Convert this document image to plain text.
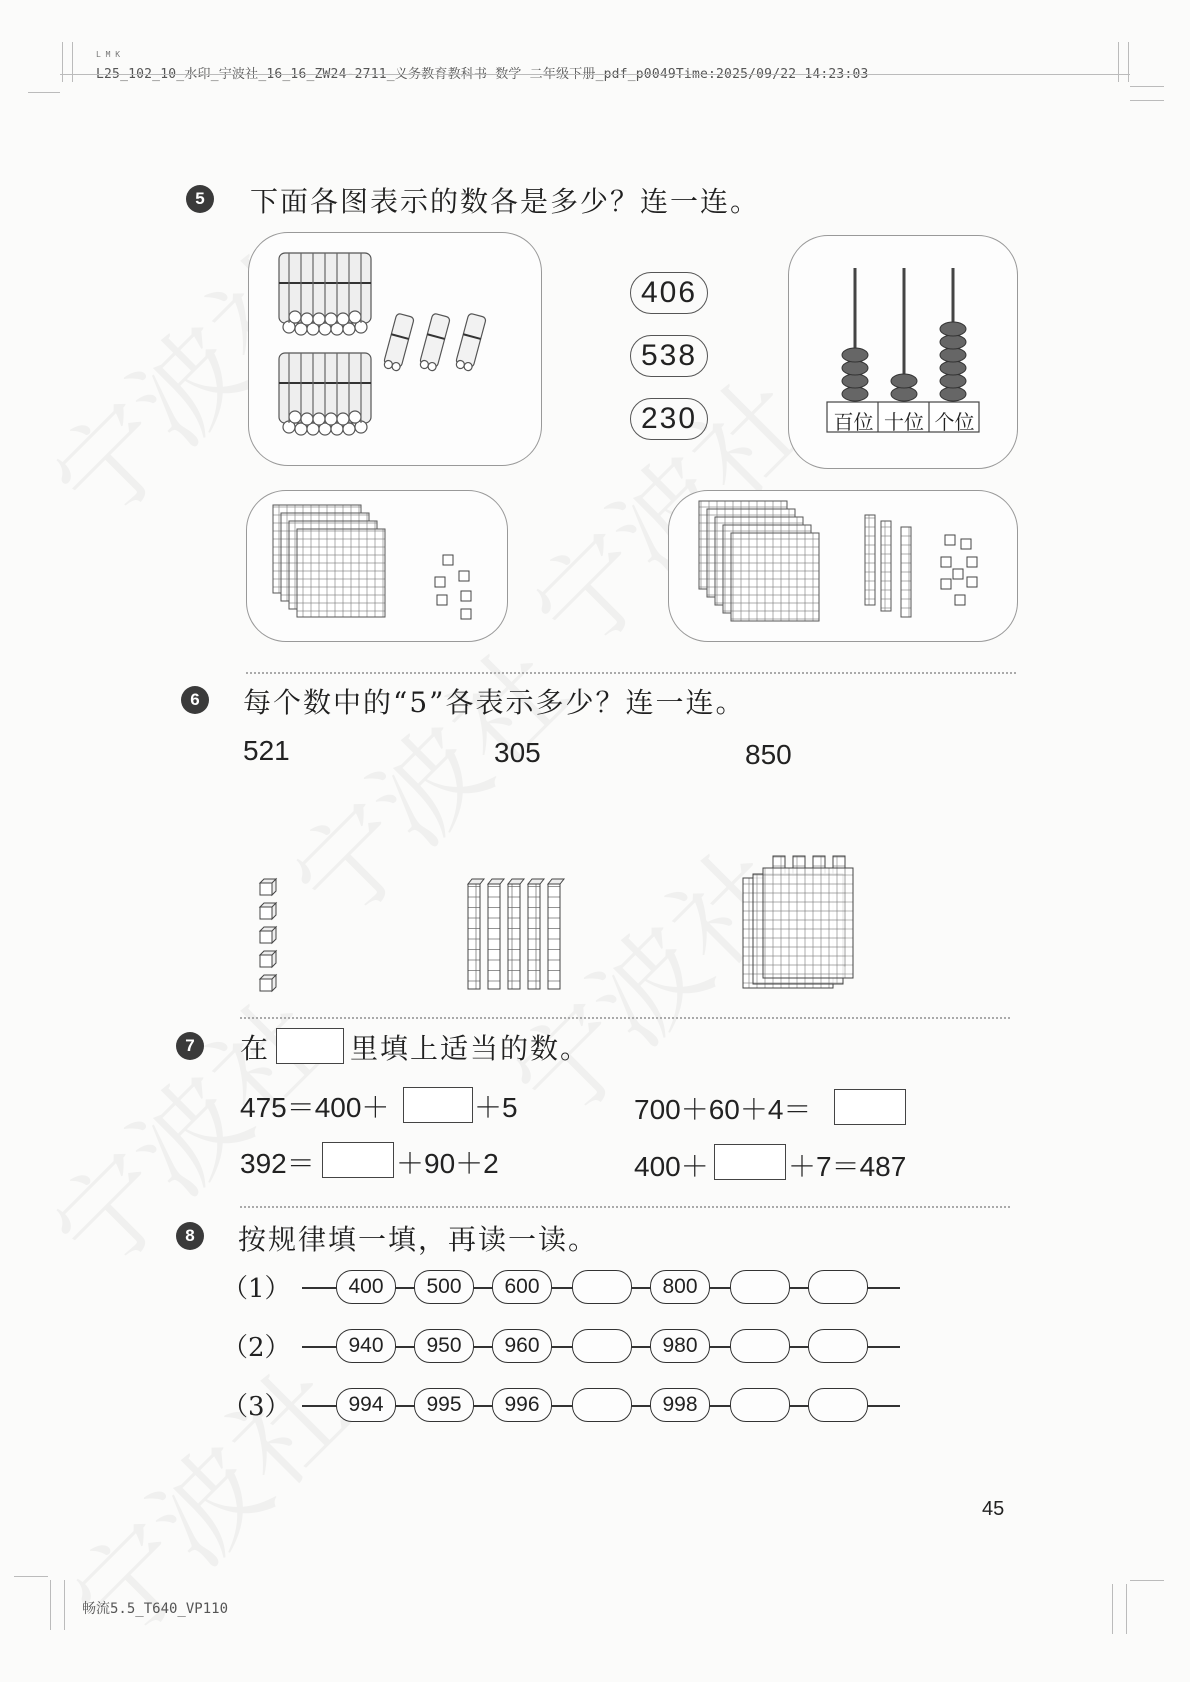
L M K
L25_102_10_水印_宁波社_16_16_ZW24-2711_义务教育教科书 数学 二年级下册_pdf_p0049Time:2025/09/22 14:23:03
5	下面各图表示的数各是多少？连一连。
406
538
230	百位 十位 个位
6	每个数中的“5”各表示多少？连一连。
521	305	850
7	在	里填上适当的数。
475＝400＋	＋5	700＋60＋4＝
392＝	＋90＋2	400＋	＋7＝487
8	按规律填一填，再读一读。
（1）	400	500	600	800
（2）	940	950	960	980
（3）	994	995	996	998
45
畅流5.5_T640_VP110
